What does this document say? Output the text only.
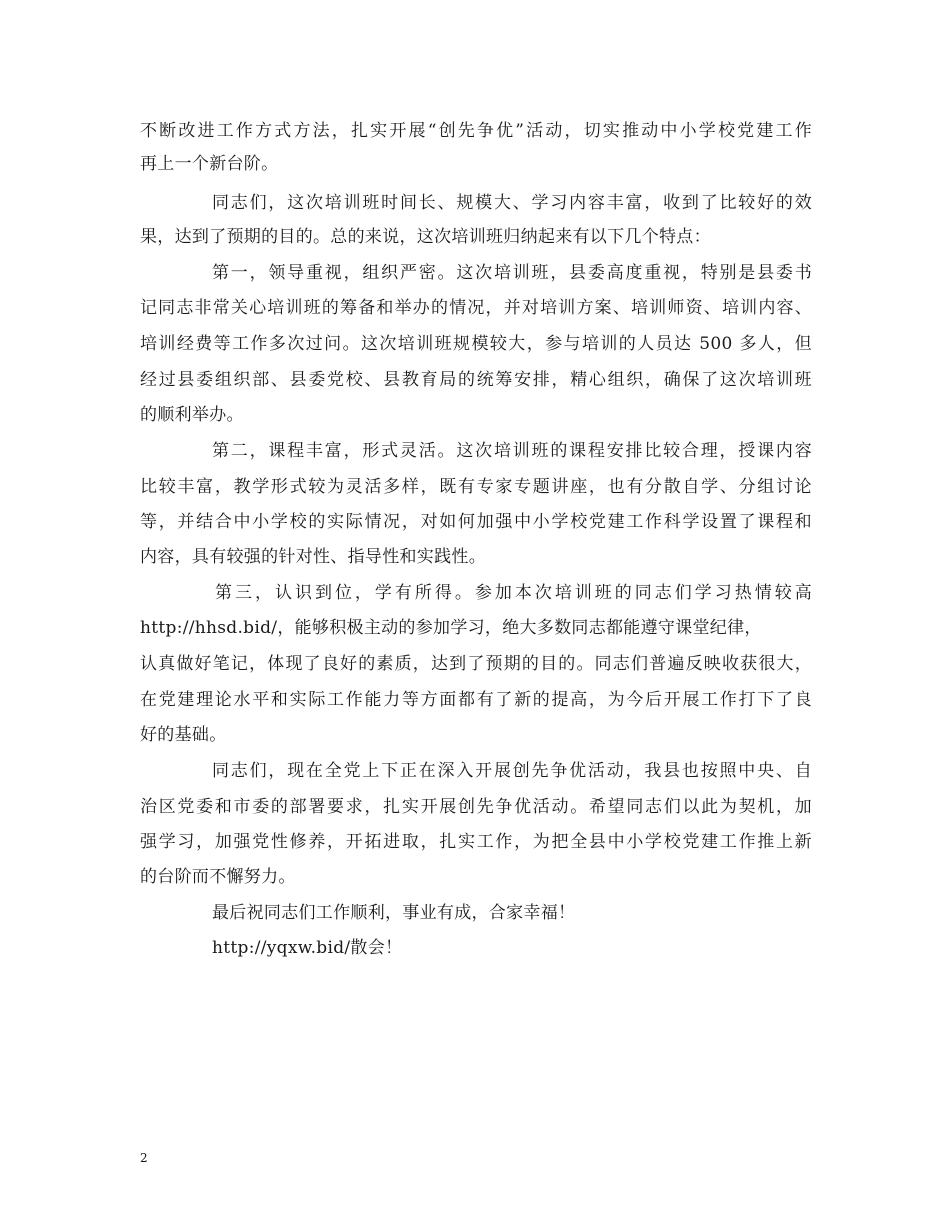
不断改进工作方式方法，扎实开展“创先争优”活动，切实推动中小学校党建工作
再上一个新台阶。
同志们，这次培训班时间长、规模大、学习内容丰富，收到了比较好的效
果，达到了预期的目的。总的来说，这次培训班归纳起来有以下几个特点：
第一，领导重视，组织严密。这次培训班，县委高度重视，特别是县委书
记同志非常关心培训班的筹备和举办的情况，并对培训方案、培训师资、培训内容、
培训经费等工作多次过问。这次培训班规模较大，参与培训的人员达 500 多人，但
经过县委组织部、县委党校、县教育局的统筹安排，精心组织，确保了这次培训班
的顺利举办。
第二，课程丰富，形式灵活。这次培训班的课程安排比较合理，授课内容
比较丰富，教学形式较为灵活多样，既有专家专题讲座，也有分散自学、分组讨论
等，并结合中小学校的实际情况，对如何加强中小学校党建工作科学设置了课程和
内容，具有较强的针对性、指导性和实践性。
第三，认识到位，学有所得。参加本次培训班的同志们学习热情较高
http://hhsd.bid/，能够积极主动的参加学习，绝大多数同志都能遵守课堂纪律，
认真做好笔记，体现了良好的素质，达到了预期的目的。同志们普遍反映收获很大，
在党建理论水平和实际工作能力等方面都有了新的提高，为今后开展工作打下了良
好的基础。
同志们，现在全党上下正在深入开展创先争优活动，我县也按照中央、自
治区党委和市委的部署要求，扎实开展创先争优活动。希望同志们以此为契机，加
强学习，加强党性修养，开拓进取，扎实工作，为把全县中小学校党建工作推上新
的台阶而不懈努力。
最后祝同志们工作顺利，事业有成，合家幸福！
http://yqxw.bid/散会！
2
